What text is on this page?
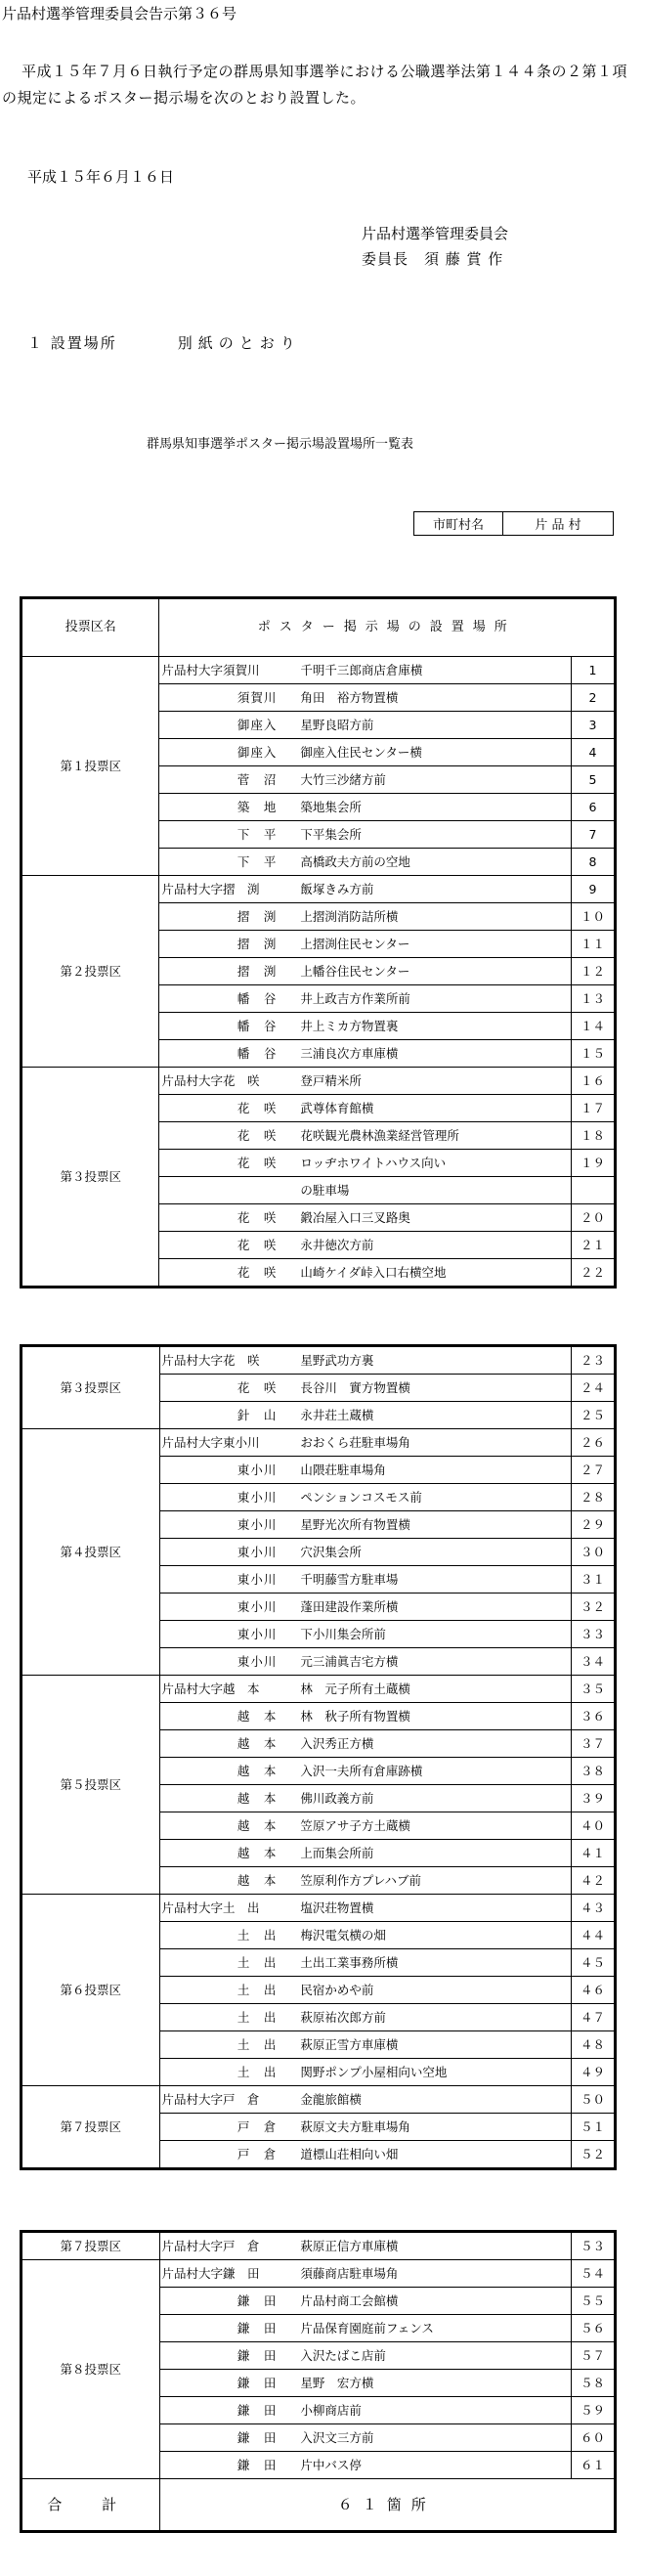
片品村選挙管理委員会告示第３６号
平成１５年７月６日執行予定の群馬県知事選挙における公職選挙法第１４４条の２第１項の規定によるポスター掲示場を次のとおり設置した。
平成１５年６月１６日
片品村選挙管理委員会
委員長　須 藤 賞 作
１ 設置場所	別紙のとおり
群馬県知事選挙ポスター掲示場設置場所一覧表
市町村名	片 品 村
投票区名	ポスター掲示場の設置場所		
第１投票区	片品村大字須賀川	千明千三郎商店倉庫横	1
	須賀川	角田　裕方物置横	2
	御座入	星野良昭方前	3
	御座入	御座入住民センター横	4
	菅　沼	大竹三沙緒方前	5
	築　地	築地集会所	6
	下　平	下平集会所	7
	下　平	高橋政夫方前の空地	8
第２投票区	片品村大字摺　渕	飯塚きみ方前	9
	摺　渕	上摺渕消防詰所横	１０
	摺　渕	上摺渕住民センター	１１
	摺　渕	上幡谷住民センター	１２
	幡　谷	井上政吉方作業所前	１３
	幡　谷	井上ミカ方物置裏	１４
	幡　谷	三浦良次方車庫横	１５
第３投票区	片品村大字花　咲	登戸精米所	１６
	花　咲	武尊体育館横	１７
	花　咲	花咲観光農林漁業経営管理所	１８
	花　咲	ロッヂホワイトハウス向い	１９
		の駐車場	
	花　咲	鍛冶屋入口三叉路奥	２０
	花　咲	永井徳次方前	２１
	花　咲	山崎ケイダ峠入口右横空地	２２
第３投票区	片品村大字花　咲	星野武功方裏	２３
	花　咲	長谷川　實方物置横	２４
	針　山	永井荘土蔵横	２５
第４投票区	片品村大字東小川	おおくら荘駐車場角	２６
	東小川	山隈荘駐車場角	２７
	東小川	ペンションコスモス前	２８
	東小川	星野光次所有物置横	２９
	東小川	穴沢集会所	３０
	東小川	千明藤雪方駐車場	３１
	東小川	蓬田建設作業所横	３２
	東小川	下小川集会所前	３３
	東小川	元三浦眞吉宅方横	３４
第５投票区	片品村大字越　本	林　元子所有土蔵横	３５
	越　本	林　秋子所有物置横	３６
	越　本	入沢秀正方横	３７
	越　本	入沢一夫所有倉庫跡横	３８
	越　本	佛川政義方前	３９
	越　本	笠原アサ子方土蔵横	４０
	越　本	上而集会所前	４１
	越　本	笠原利作方プレハブ前	４２
第６投票区	片品村大字土　出	塩沢荘物置横	４３
	土　出	梅沢電気横の畑	４４
	土　出	土出工業事務所横	４５
	土　出	民宿かめや前	４６
	土　出	萩原祐次郎方前	４７
	土　出	萩原正雪方車庫横	４８
	土　出	関野ポンプ小屋相向い空地	４９
第７投票区	片品村大字戸　倉	金龍旅館横	５０
	戸　倉	萩原文夫方駐車場角	５１
	戸　倉	道標山荘相向い畑	５２
第７投票区	片品村大字戸　倉	萩原正信方車庫横	５３
第８投票区	片品村大字鎌　田	須藤商店駐車場角	５４
	鎌　田	片品村商工会館横	５５
	鎌　田	片品保育園庭前フェンス	５６
	鎌　田	入沢たばこ店前	５７
	鎌　田	星野　宏方横	５８
	鎌　田	小柳商店前	５９
	鎌　田	入沢文三方前	６０
	鎌　田	片中バス停	６１
合 計	６１箇所		
